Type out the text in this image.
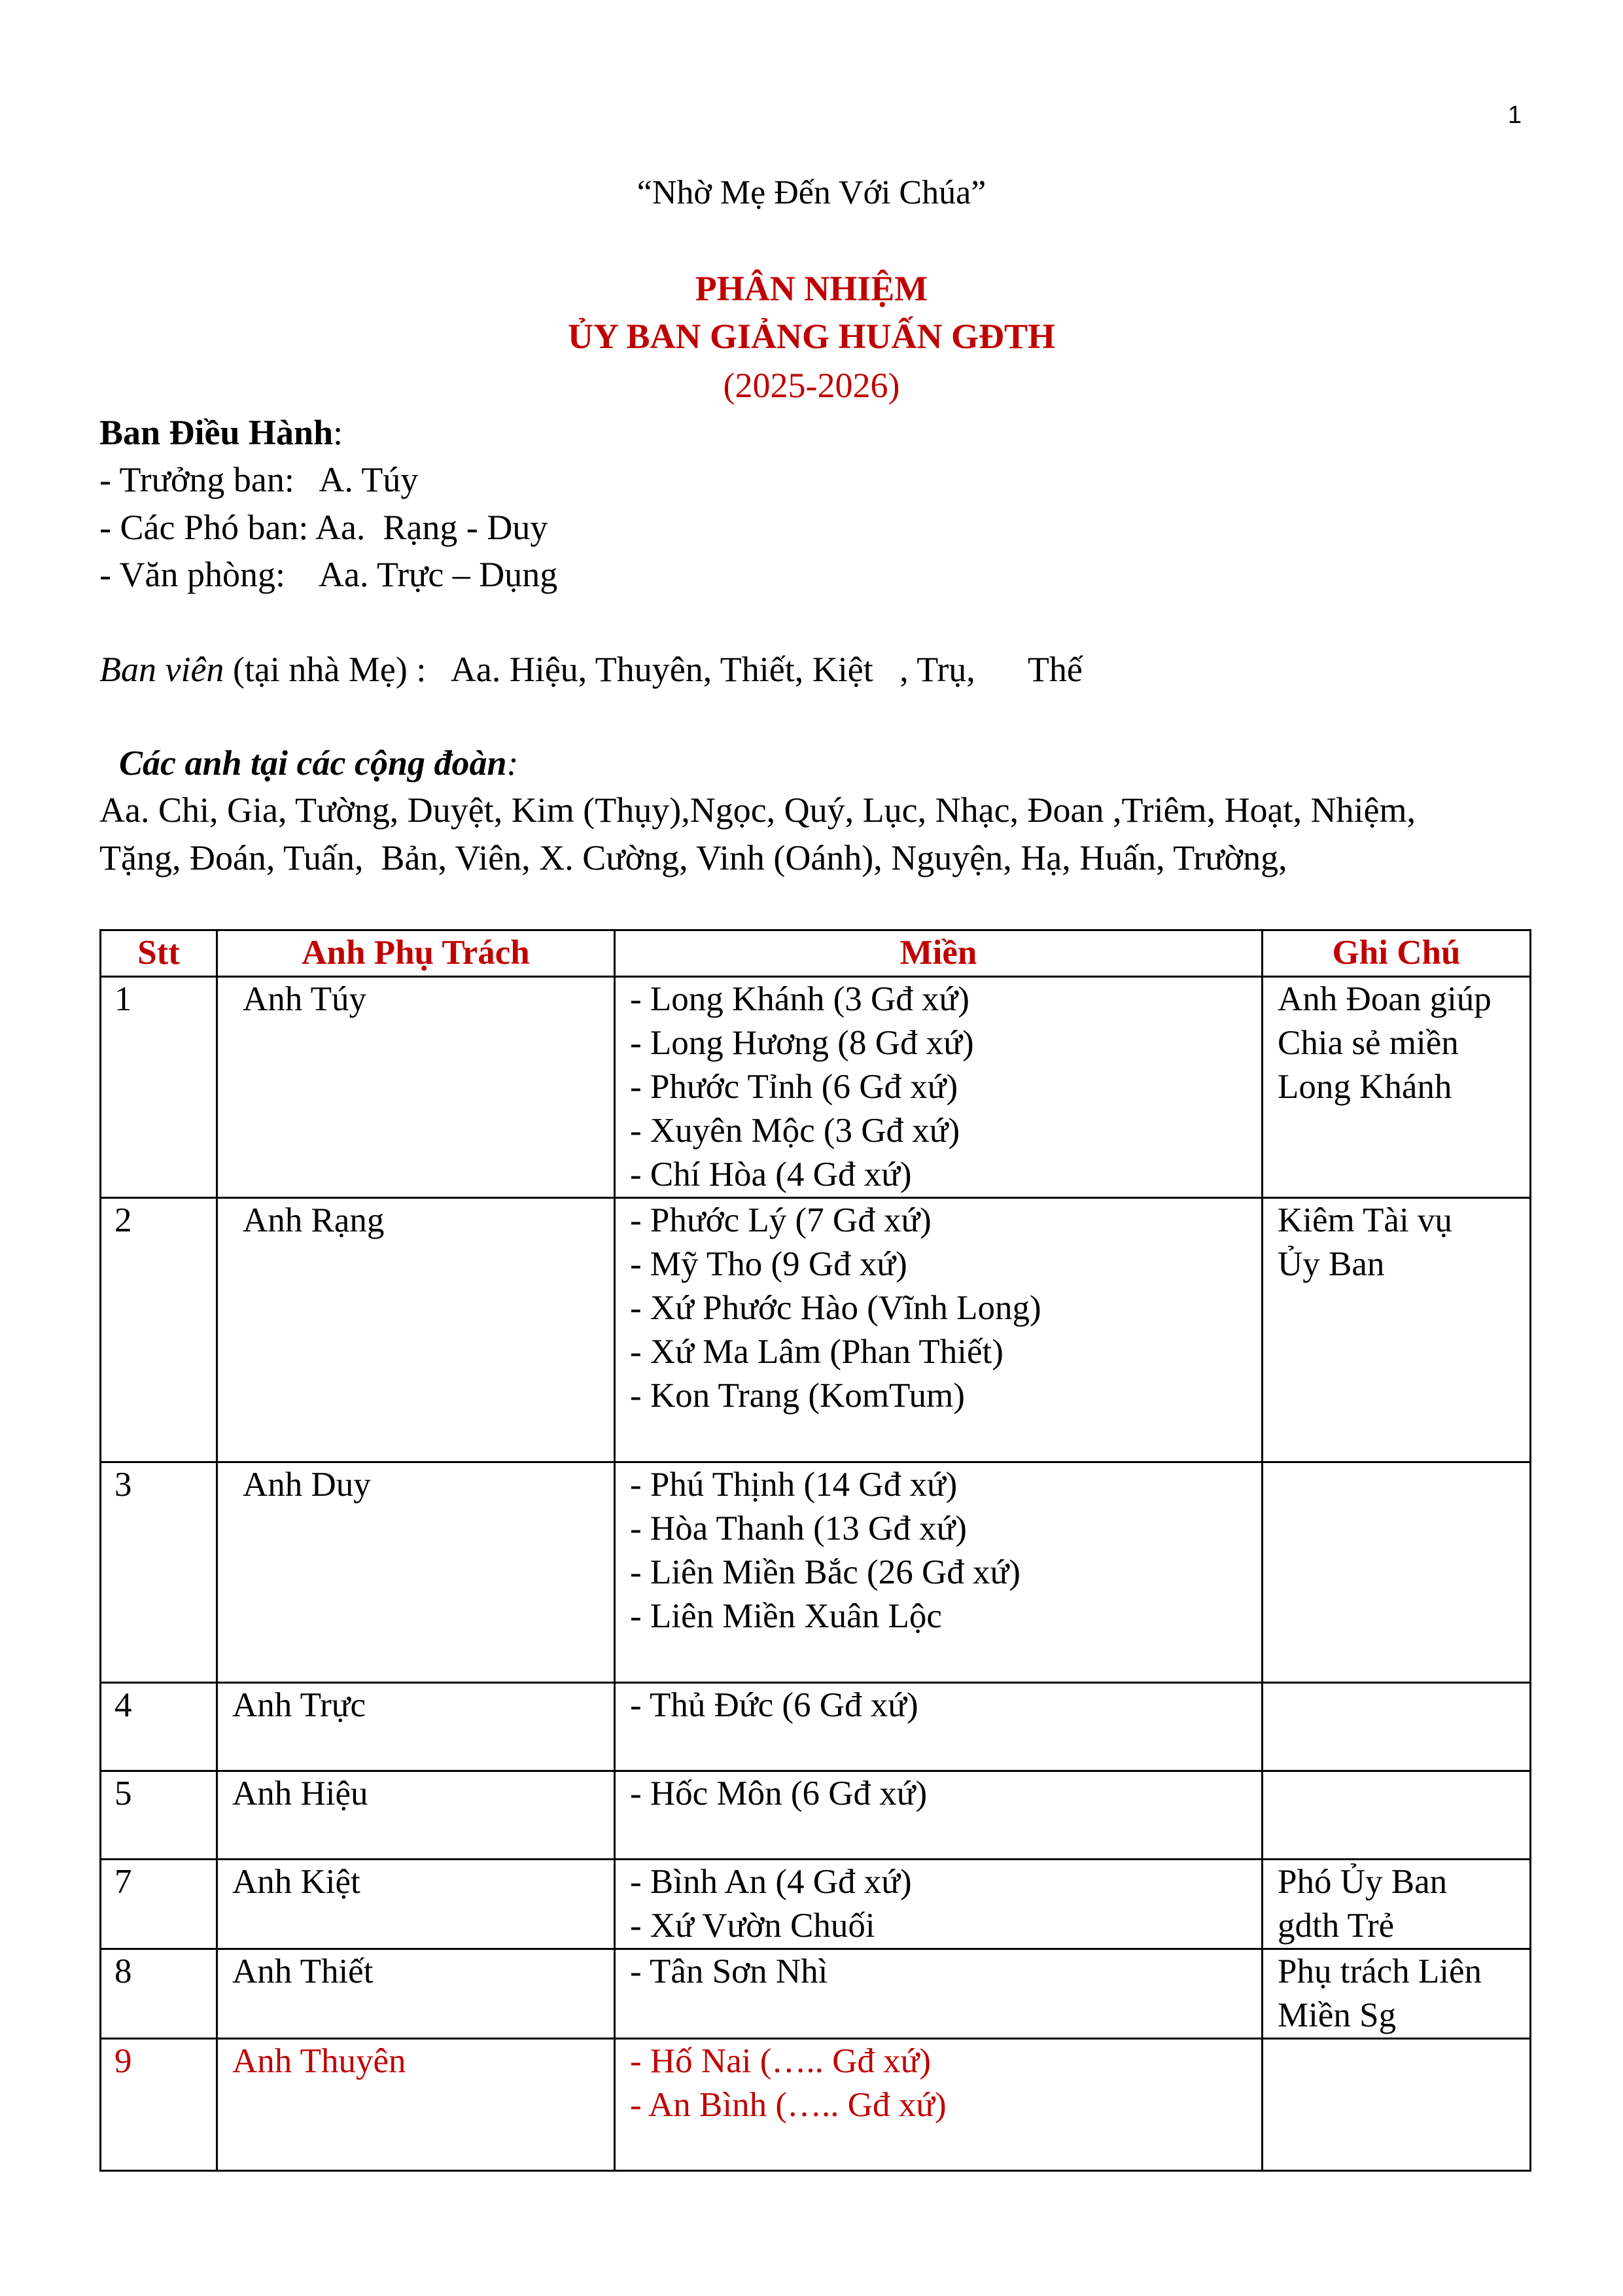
1
“Nhờ Mẹ Đến Với Chúa”
PHÂN NHIỆM
ỦY BAN GIẢNG HUẤN GĐTH
(2025-2026)
Ban Điều Hành:
- Trưởng ban:   A. Túy
- Các Phó ban: Aa.  Rạng - Duy
- Văn phòng:    Aa. Trực – Dụng
Ban viên (tại nhà Mẹ) :   Aa. Hiệu, Thuyên, Thiết, Kiệt   , Trụ,      Thế
Các anh tại các cộng đoàn:
Aa. Chi, Gia, Tường, Duyệt, Kim (Thụy),Ngọc, Quý, Lục, Nhạc, Đoan ,Triêm, Hoạt, Nhiệm,
Tặng, Đoán, Tuấn,  Bản, Viên, X. Cường, Vinh (Oánh), Nguyện, Hạ, Huấn, Trường,
Stt	Anh Phụ Trách	Miền	Ghi Chú
1	Anh Túy	- Long Khánh (3 Gđ xứ)
- Long Hương (8 Gđ xứ)
- Phước Tỉnh (6 Gđ xứ)
- Xuyên Mộc (3 Gđ xứ)
- Chí Hòa (4 Gđ xứ)	Anh Đoan giúp
Chia sẻ miền
Long Khánh

2	Anh Rạng	- Phước Lý (7 Gđ xứ)
- Mỹ Tho (9 Gđ xứ)
- Xứ Phước Hào (Vĩnh Long)
- Xứ Ma Lâm (Phan Thiết)
- Kon Trang (KomTum)	Kiêm Tài vụ
Ủy Ban

3	Anh Duy	- Phú Thịnh (14 Gđ xứ)
- Hòa Thanh (13 Gđ xứ)
- Liên Miền Bắc (26 Gđ xứ)
- Liên Miền Xuân Lộc	

4	Anh Trực	- Thủ Đức (6 Gđ xứ)	

5	Anh Hiệu	- Hốc Môn (6 Gđ xứ)	

7	Anh Kiệt	- Bình An (4 Gđ xứ)
- Xứ Vườn Chuối	Phó Ủy Ban
gdth Trẻ

8	Anh Thiết	- Tân Sơn Nhì	Phụ trách Liên
Miền Sg

9	Anh Thuyên	- Hố Nai (….. Gđ xứ)
- An Bình (….. Gđ xứ)	
